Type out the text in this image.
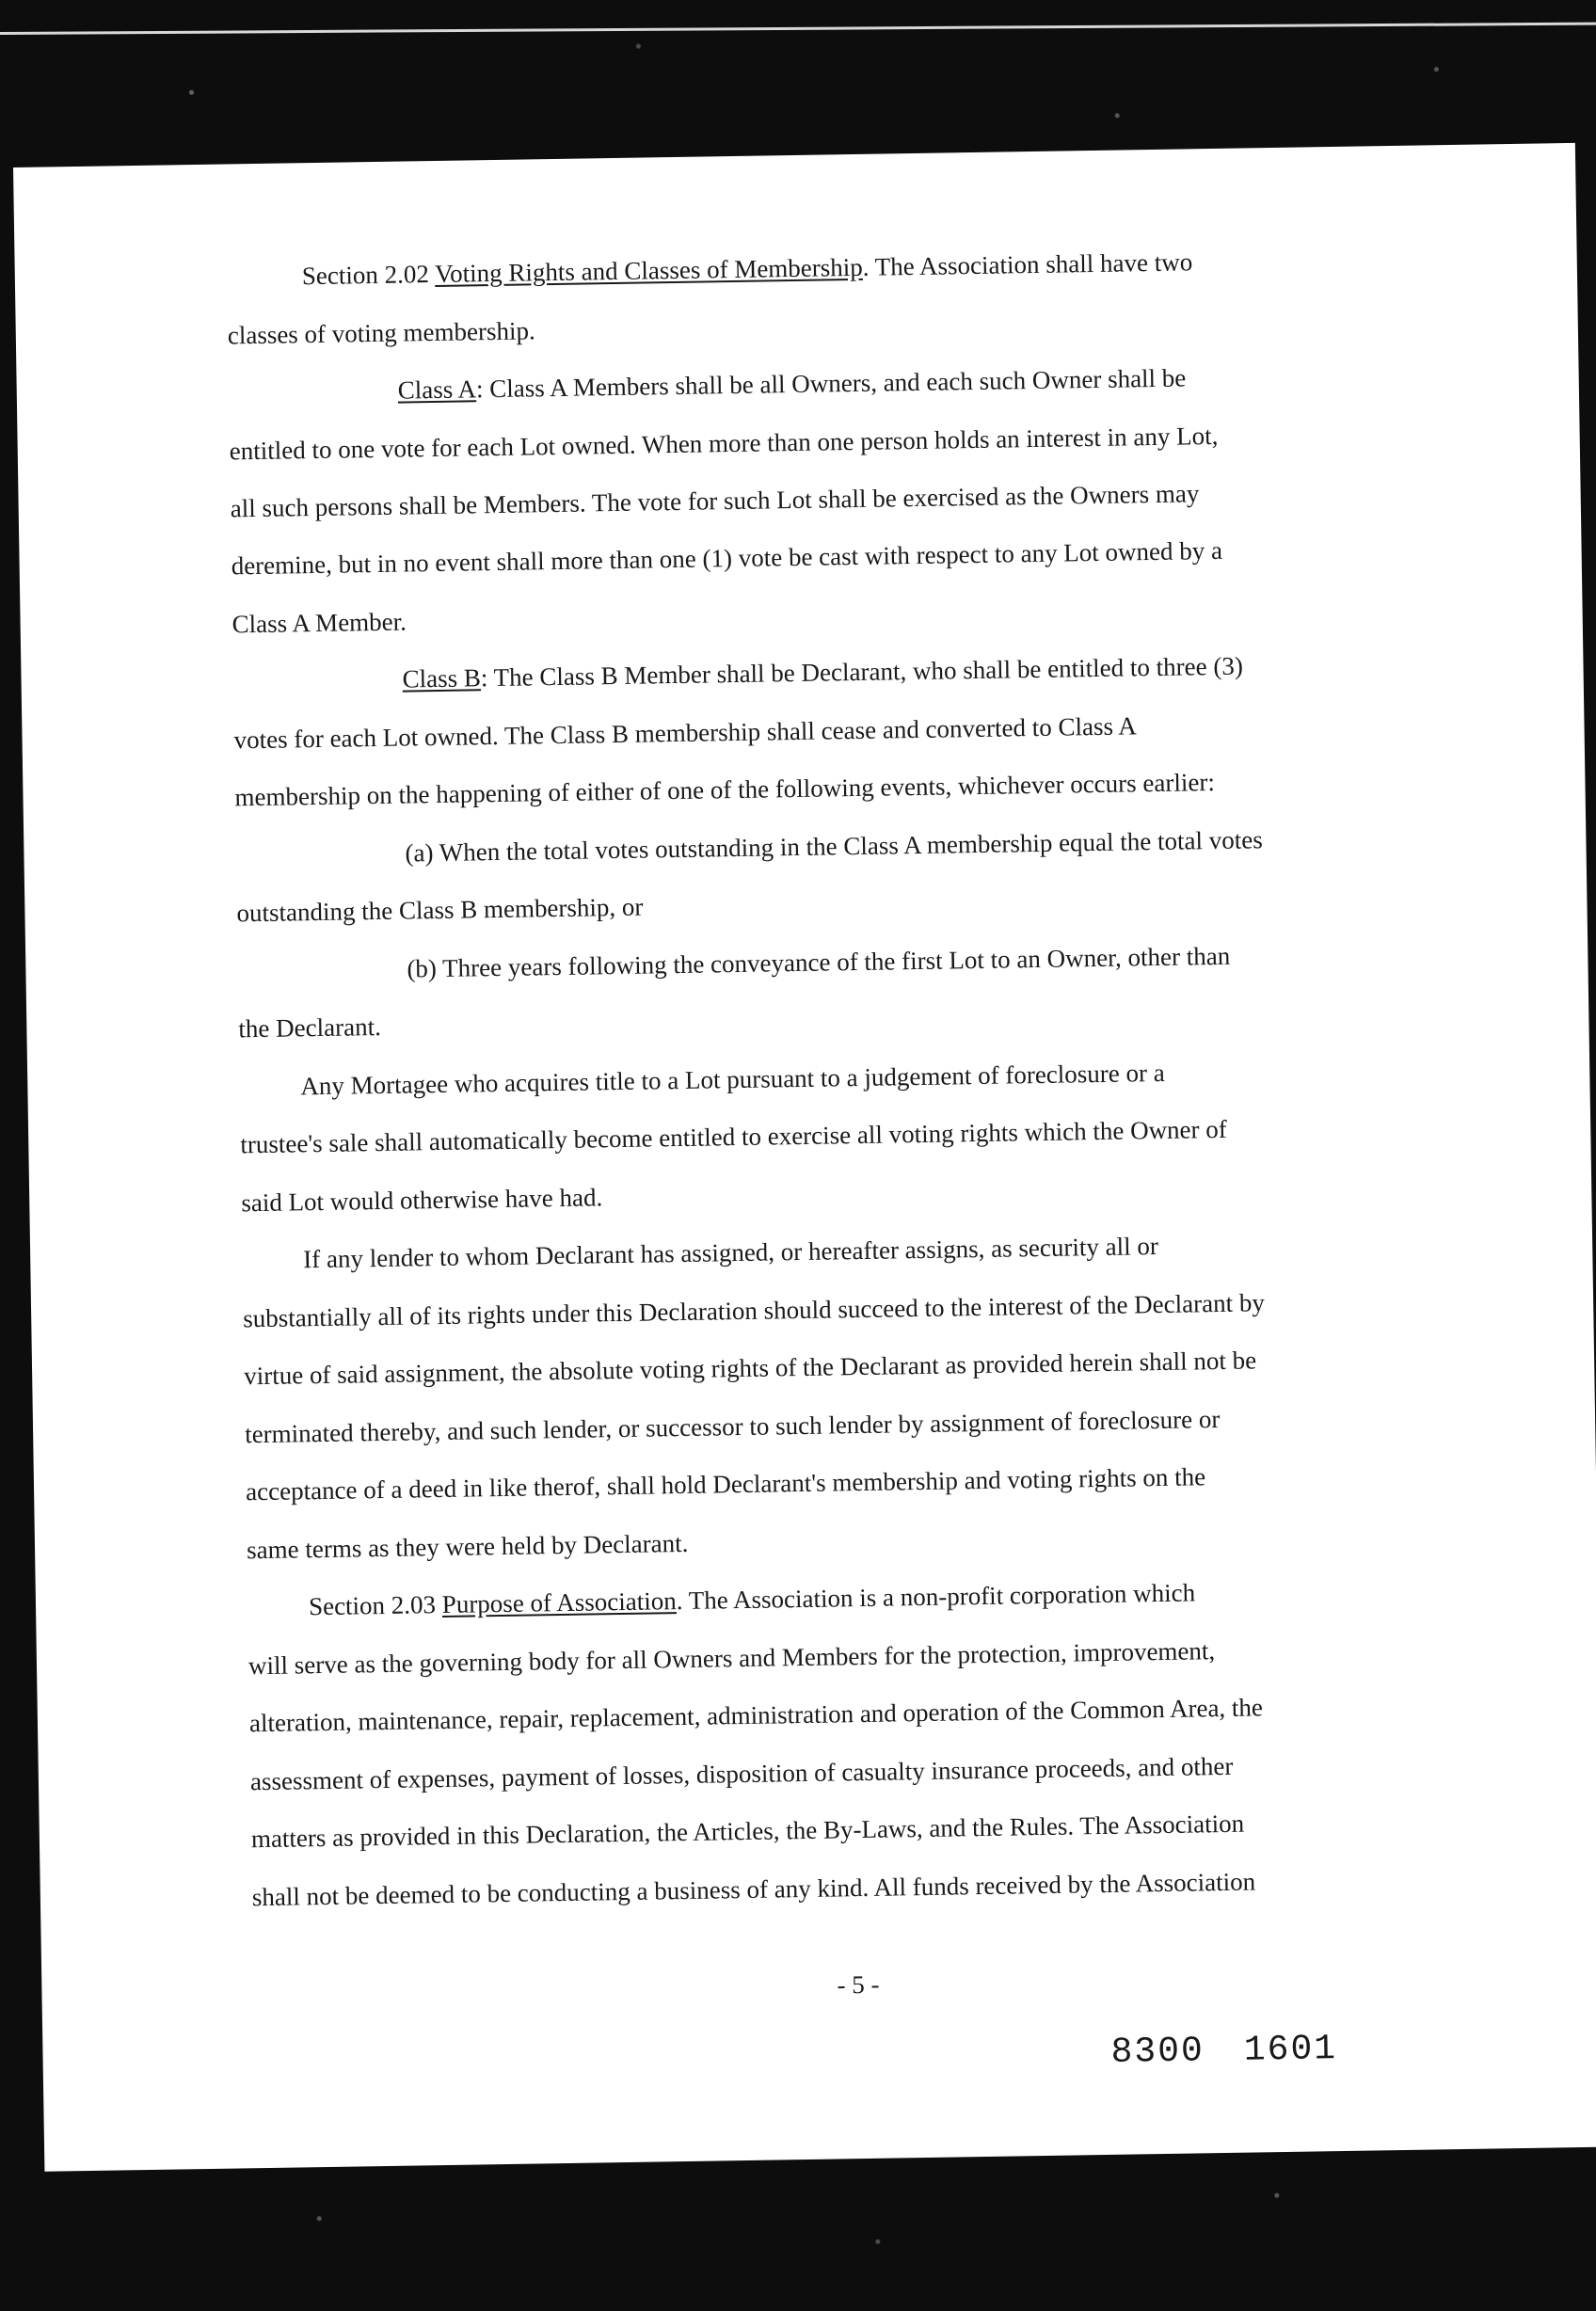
Section 2.02 Voting Rights and Classes of Membership. The Association shall have two
classes of voting membership.
Class A: Class A Members shall be all Owners, and each such Owner shall be
entitled to one vote for each Lot owned. When more than one person holds an interest in any Lot,
all such persons shall be Members. The vote for such Lot shall be exercised as the Owners may
deremine, but in no event shall more than one (1) vote be cast with respect to any Lot owned by a
Class A Member.
Class B: The Class B Member shall be Declarant, who shall be entitled to three (3)
votes for each Lot owned. The Class B membership shall cease and converted to Class A
membership on the happening of either of one of the following events, whichever occurs earlier:
(a) When the total votes outstanding in the Class A membership equal the total votes
outstanding the Class B membership, or
(b) Three years following the conveyance of the first Lot to an Owner, other than
the Declarant.
Any Mortagee who acquires title to a Lot pursuant to a judgement of foreclosure or a
trustee's sale shall automatically become entitled to exercise all voting rights which the Owner of
said Lot would otherwise have had.
If any lender to whom Declarant has assigned, or hereafter assigns, as security all or
substantially all of its rights under this Declaration should succeed to the interest of the Declarant by
virtue of said assignment, the absolute voting rights of the Declarant as provided herein shall not be
terminated thereby, and such lender, or successor to such lender by assignment of foreclosure or
acceptance of a deed in like therof, shall hold Declarant's membership and voting rights on the
same terms as they were held by Declarant.
Section 2.03 Purpose of Association. The Association is a non-profit corporation which
will serve as the governing body for all Owners and Members for the protection, improvement,
alteration, maintenance, repair, replacement, administration and operation of the Common Area, the
assessment of expenses, payment of losses, disposition of casualty insurance proceeds, and other
matters as provided in this Declaration, the Articles, the By-Laws, and the Rules. The Association
shall not be deemed to be conducting a business of any kind. All funds received by the Association
- 5 -
8300 1601
